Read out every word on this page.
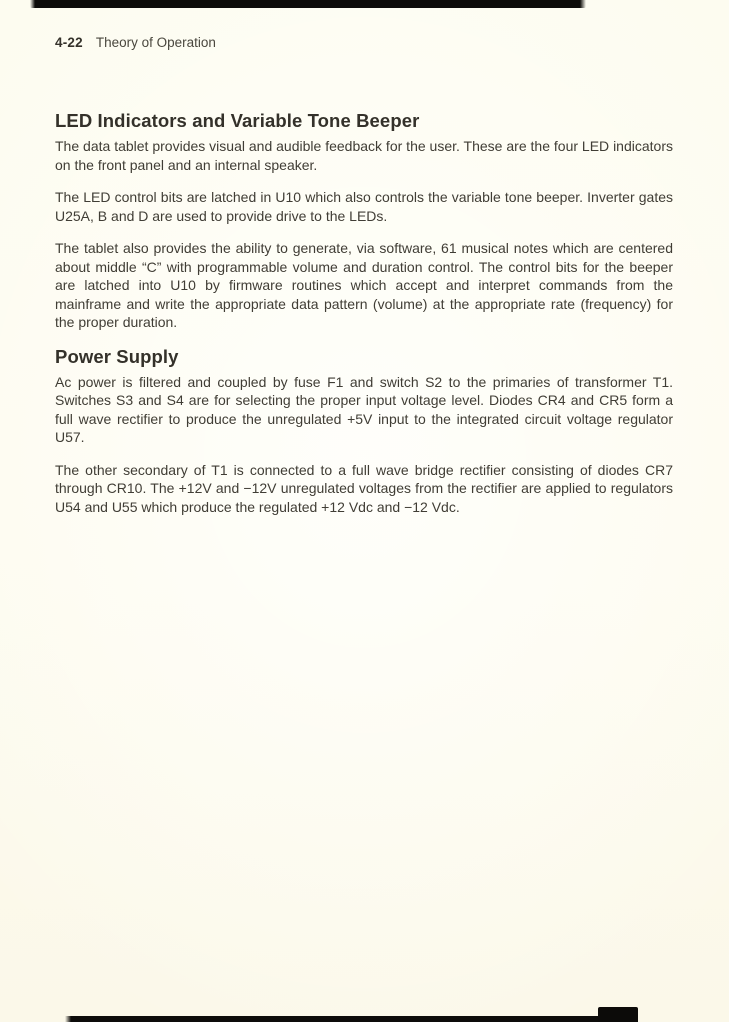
4-22 Theory of Operation
LED Indicators and Variable Tone Beeper

The data tablet provides visual and audible feedback for the user. These are the four LED indicators on the front panel and an internal speaker.

The LED control bits are latched in U10 which also controls the variable tone beeper. Inverter gates U25A, B and D are used to provide drive to the LEDs.

The tablet also provides the ability to generate, via software, 61 musical notes which are centered about middle “C” with programmable volume and duration control. The control bits for the beeper are latched into U10 by firmware routines which accept and interpret commands from the mainframe and write the appropriate data pattern (volume) at the appropriate rate (frequency) for the proper duration.

Power Supply

Ac power is filtered and coupled by fuse F1 and switch S2 to the primaries of transformer T1. Switches S3 and S4 are for selecting the proper input voltage level. Diodes CR4 and CR5 form a full wave rectifier to produce the unregulated +5V input to the integrated circuit voltage regulator U57.

The other secondary of T1 is connected to a full wave bridge rectifier consisting of diodes CR7 through CR10. The +12V and −12V unregulated voltages from the rectifier are applied to regulators U54 and U55 which produce the regulated +12 Vdc and −12 Vdc.
